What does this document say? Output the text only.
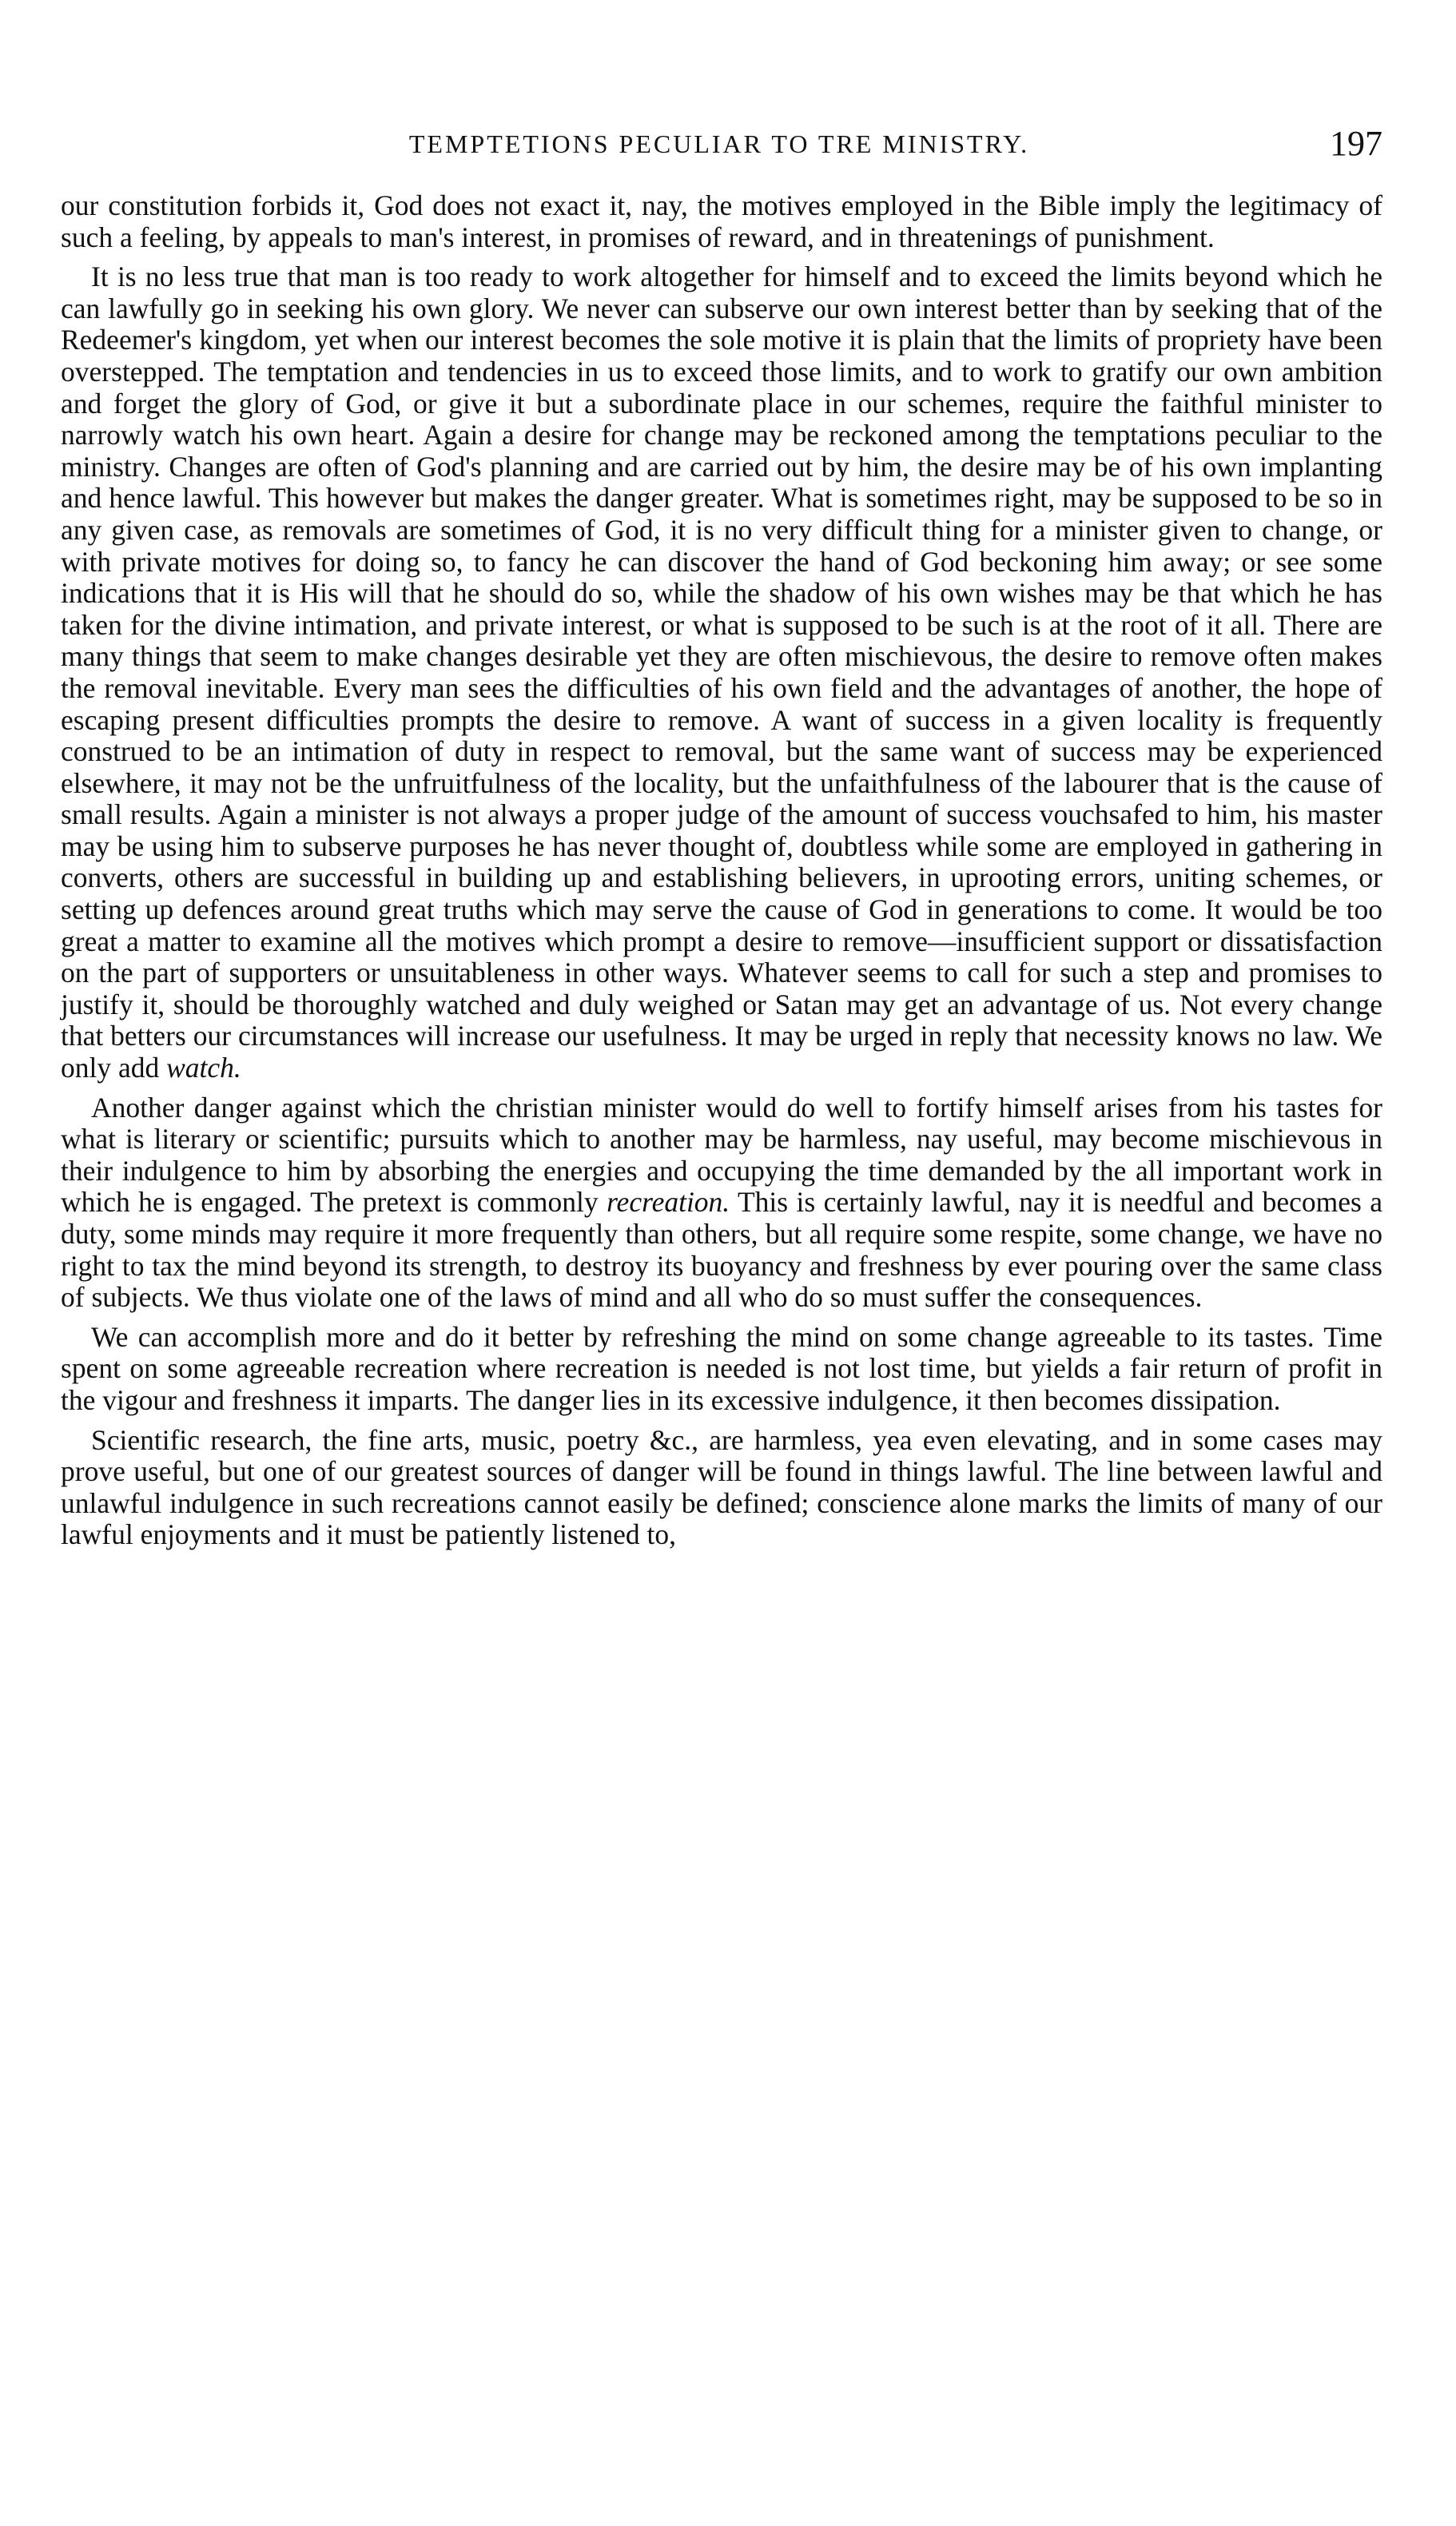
TEMPTETIONS PECULIAR TO TRE MINISTRY.	197

our constitution forbids it, God does not exact it, nay, the motives employed in the Bible imply the legitimacy of such a feeling, by appeals to man's interest, in promises of reward, and in threatenings of punishment.

It is no less true that man is too ready to work altogether for himself and to exceed the limits beyond which he can lawfully go in seeking his own glory. We never can subserve our own interest better than by seeking that of the Redeemer's kingdom, yet when our interest becomes the sole motive it is plain that the limits of propriety have been overstepped. The temptation and tendencies in us to exceed those limits, and to work to gratify our own ambition and forget the glory of God, or give it but a subordinate place in our schemes, require the faithful minister to narrowly watch his own heart. Again a desire for change may be reckoned among the temptations peculiar to the ministry. Changes are often of God's planning and are carried out by him, the desire may be of his own implanting and hence lawful. This however but makes the danger greater. What is sometimes right, may be supposed to be so in any given case, as removals are sometimes of God, it is no very difficult thing for a minister given to change, or with private motives for doing so, to fancy he can discover the hand of God beckoning him away; or see some indications that it is His will that he should do so, while the shadow of his own wishes may be that which he has taken for the divine intimation, and private interest, or what is supposed to be such is at the root of it all. There are many things that seem to make changes desirable yet they are often mischievous, the desire to remove often makes the removal inevitable. Every man sees the difficulties of his own field and the advantages of another, the hope of escaping present difficulties prompts the desire to remove. A want of success in a given locality is frequently construed to be an intimation of duty in respect to removal, but the same want of success may be experienced elsewhere, it may not be the unfruitfulness of the locality, but the unfaithfulness of the labourer that is the cause of small results. Again a minister is not always a proper judge of the amount of success vouchsafed to him, his master may be using him to subserve purposes he has never thought of, doubtless while some are employed in gathering in converts, others are successful in building up and establishing believers, in uprooting errors, uniting schemes, or setting up defences around great truths which may serve the cause of God in generations to come. It would be too great a matter to examine all the motives which prompt a desire to remove—insufficient support or dissatisfaction on the part of supporters or unsuitableness in other ways. Whatever seems to call for such a step and promises to justify it, should be thoroughly watched and duly weighed or Satan may get an advantage of us. Not every change that betters our circumstances will increase our usefulness. It may be urged in reply that necessity knows no law. We only add watch.

Another danger against which the christian minister would do well to fortify himself arises from his tastes for what is literary or scientific; pursuits which to another may be harmless, nay useful, may become mischievous in their indulgence to him by absorbing the energies and occupying the time demanded by the all important work in which he is engaged. The pretext is commonly recreation. This is certainly lawful, nay it is needful and becomes a duty, some minds may require it more frequently than others, but all require some respite, some change, we have no right to tax the mind beyond its strength, to destroy its buoyancy and freshness by ever pouring over the same class of subjects. We thus violate one of the laws of mind and all who do so must suffer the consequences.

We can accomplish more and do it better by refreshing the mind on some change agreeable to its tastes. Time spent on some agreeable recreation where recreation is needed is not lost time, but yields a fair return of profit in the vigour and freshness it imparts. The danger lies in its excessive indulgence, it then becomes dissipation.

Scientific research, the fine arts, music, poetry &c., are harmless, yea even elevating, and in some cases may prove useful, but one of our greatest sources of danger will be found in things lawful. The line between lawful and unlawful indulgence in such recreations cannot easily be defined; conscience alone marks the limits of many of our lawful enjoyments and it must be patiently listened to,
